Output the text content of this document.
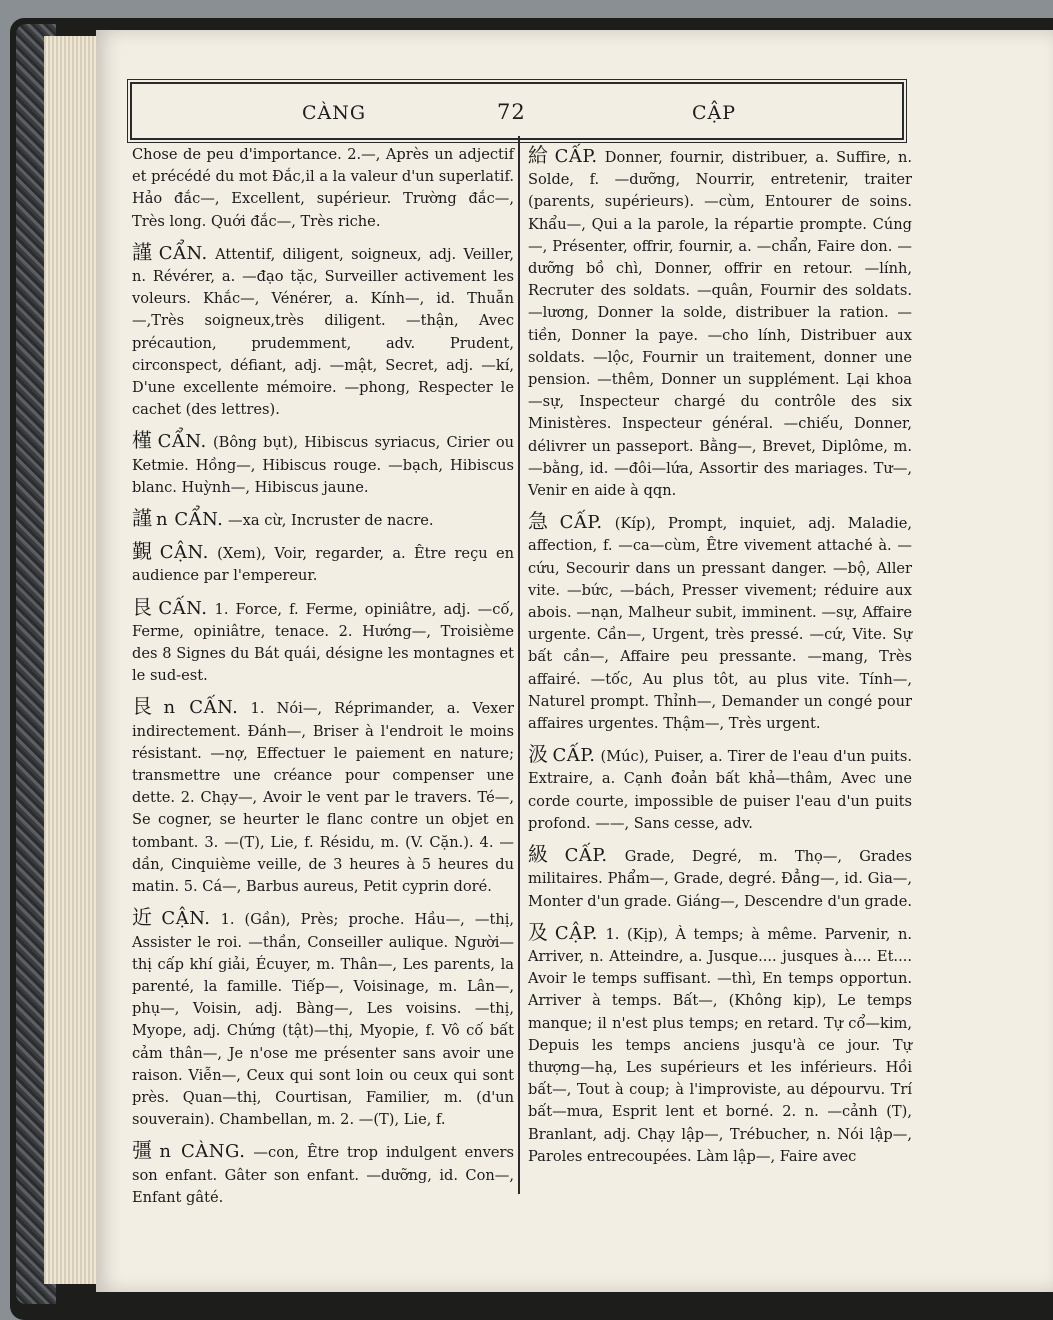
CÀNG	72	CẬP

Chose de peu d'importance. 2.—, Après un adjectif et précédé du mot Đắc,il a la valeur d'un superlatif. Hảo đắc—, Excellent, supérieur. Trường đắc—, Très long. Quới đắc—, Très riche.

謹 CẨN. Attentif, diligent, soigneux, adj. Veiller, n. Révérer, a. —đạo tặc, Surveiller activement les voleurs. Khắc—, Vénérer, a. Kính—, id. Thuẫn—,Très soigneux,très diligent. —thận, Avec précaution, prudemment, adv. Prudent, circonspect, défiant, adj. —mật, Secret, adj. —kí, D'une excellente mémoire. —phong, Respecter le cachet (des lettres).

槿 CẨN. (Bông bụt), Hibiscus syriacus, Cirier ou Ketmie. Hồng—, Hibiscus rouge. —bạch, Hibiscus blanc. Huỳnh—, Hibiscus jaune.

謹 n CẨN. —xa cừ, Incruster de nacre.

覲 CẬN. (Xem), Voir, regarder, a. Être reçu en audience par l'empereur.

艮 CẤN. 1. Force, f. Ferme, opiniâtre, adj. —cố, Ferme, opiniâtre, tenace. 2. Hướng—, Troisième des 8 Signes du Bát quái, désigne les montagnes et le sud-est.

艮 n CẤN. 1. Nói—, Réprimander, a. Vexer indirectement. Đánh—, Briser à l'endroit le moins résistant. —nợ, Effectuer le paiement en nature; transmettre une créance pour compenser une dette. 2. Chạy—, Avoir le vent par le travers. Té—, Se cogner, se heurter le flanc contre un objet en tombant. 3. —(T), Lie, f. Résidu, m. (V. Cặn.). 4. —dần, Cinquième veille, de 3 heures à 5 heures du matin. 5. Cá—, Barbus aureus, Petit cyprin doré.

近 CẬN. 1. (Gần), Près; proche. Hầu—, —thị, Assister le roi. —thần, Conseiller aulique. Người—thị cấp khí giải, Écuyer, m. Thân—, Les parents, la parenté, la famille. Tiếp—, Voisinage, m. Lân—, phụ—, Voisin, adj. Bàng—, Les voisins. —thị, Myope, adj. Chứng (tật)—thị, Myopie, f. Vô cố bất cảm thân—, Je n'ose me présenter sans avoir une raison. Viễn—, Ceux qui sont loin ou ceux qui sont près. Quan—thị, Courtisan, Familier, m. (d'un souverain). Chambellan, m. 2. —(T), Lie, f.

彊 n CÀNG. —con, Être trop indulgent envers son enfant. Gâter son enfant. —dưỡng, id. Con—, Enfant gâté.

給 CẤP. Donner, fournir, distribuer, a. Suffire, n. Solde, f. —dưỡng, Nourrir, entretenir, traiter (parents, supérieurs). —cùm, Entourer de soins. Khẩu—, Qui a la parole, la répartie prompte. Cúng—, Présenter, offrir, fournir, a. —chẩn, Faire don. —dưỡng bồ chì, Donner, offrir en retour. —lính, Recruter des soldats. —quân, Fournir des soldats. —lương, Donner la solde, distribuer la ration. —tiền, Donner la paye. —cho lính, Distribuer aux soldats. —lộc, Fournir un traitement, donner une pension. —thêm, Donner un supplément. Lại khoa—sự, Inspecteur chargé du contrôle des six Ministères. Inspecteur général. —chiếu, Donner, délivrer un passeport. Bằng—, Brevet, Diplôme, m. —bằng, id. —đôi—lứa, Assortir des mariages. Tư—, Venir en aide à qqn.

急 CẤP. (Kíp), Prompt, inquiet, adj. Maladie, affection, f. —ca—cùm, Être vivement attaché à. —cứu, Secourir dans un pressant danger. —bộ, Aller vite. —bức, —bách, Presser vivement; réduire aux abois. —nạn, Malheur subit, imminent. —sự, Affaire urgente. Cần—, Urgent, très pressé. —cứ, Vite. Sự bất cần—, Affaire peu pressante. —mang, Très affairé. —tốc, Au plus tôt, au plus vite. Tính—, Naturel prompt. Thỉnh—, Demander un congé pour affaires urgentes. Thậm—, Très urgent.

汲 CẤP. (Múc), Puiser, a. Tirer de l'eau d'un puits. Extraire, a. Cạnh đoản bất khả—thâm, Avec une corde courte, impossible de puiser l'eau d'un puits profond. ——, Sans cesse, adv.

級 CẤP. Grade, Degré, m. Thọ—, Grades militaires. Phẩm—, Grade, degré. Đẳng—, id. Gia—, Monter d'un grade. Giáng—, Descendre d'un grade.

及 CẬP. 1. (Kịp), À temps; à même. Parvenir, n. Arriver, n. Atteindre, a. Jusque.... jusques à.... Et.... Avoir le temps suffisant. —thì, En temps opportun. Arriver à temps. Bất—, (Không kịp), Le temps manque; il n'est plus temps; en retard. Tự cổ—kim, Depuis les temps anciens jusqu'à ce jour. Tự thượng—hạ, Les supérieurs et les inférieurs. Hồi bất—, Tout à coup; à l'improviste, au dépourvu. Trí bất—mưa, Esprit lent et borné. 2. n. —cảnh (T), Branlant, adj. Chạy lập—, Trébucher, n. Nói lập—, Paroles entrecoupées. Làm lập—, Faire avec
